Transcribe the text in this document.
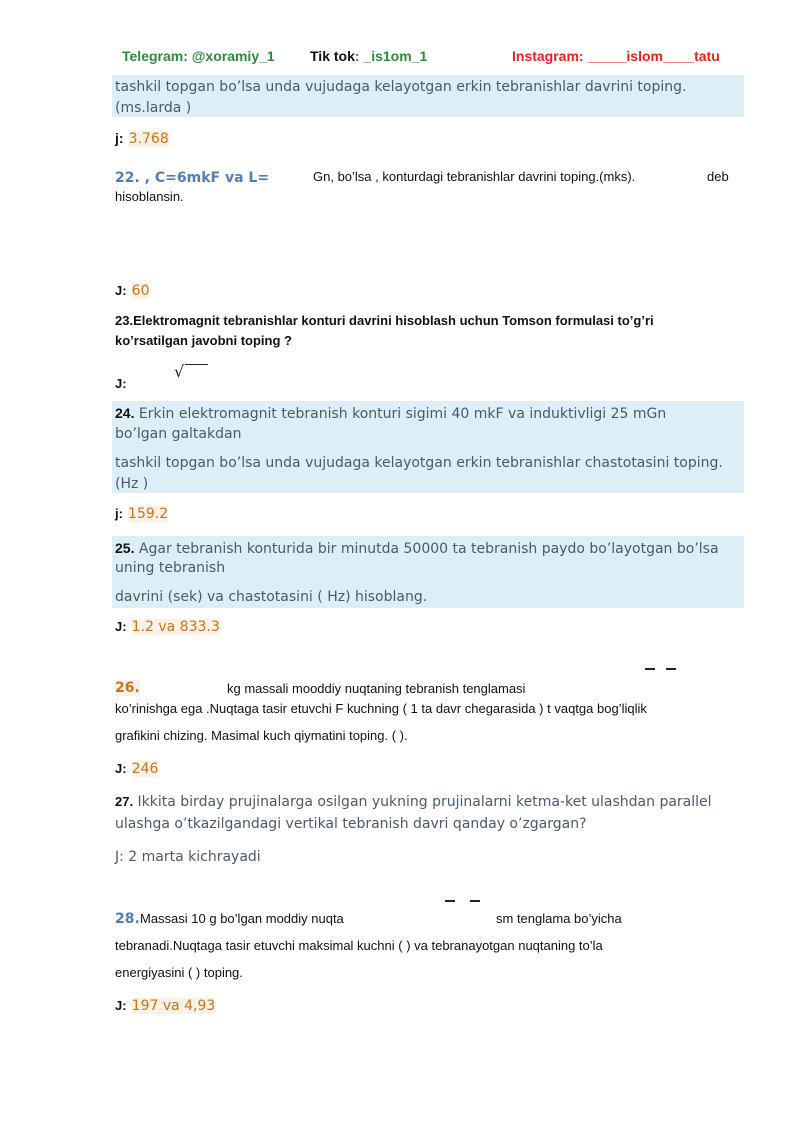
Telegram: @xoramiy_1	Tik tok: _is1om_1	Instagram: _____islom____tatu
tashkil topgan bo’lsa unda vujudaga kelayotgan erkin tebranishlar davrini toping.
(ms.larda )
j: 3.768
22. , C=6mkF va L=	Gn, bo’lsa , konturdagi tebranishlar davrini toping.(mks).	deb
hisoblansin.
J: 60
23.Elektromagnit tebranishlar konturi davrini hisoblash uchun Tomson formulasi to’g’ri
ko’rsatilgan javobni toping ?
J:
√
24. Erkin elektromagnit tebranish konturi sigimi 40 mkF va induktivligi 25 mGn
bo’lgan galtakdan
tashkil topgan bo’lsa unda vujudaga kelayotgan erkin tebranishlar chastotasini toping.
(Hz )
j: 159.2
25. Agar tebranish konturida bir minutda 50000 ta tebranish paydo bo’layotgan bo’lsa
uning tebranish
davrini (sek) va chastotasini ( Hz) hisoblang.
J: 1.2 va 833.3
26.	kg massali mooddiy nuqtaning tebranish tenglamasi
ko’rinishga ega .Nuqtaga tasir etuvchi F kuchning ( 1 ta davr chegarasida ) t vaqtga bog’liqlik
grafikini chizing. Masimal kuch qiymatini toping. ( ).
J: 246
27. Ikkita birday prujinalarga osilgan yukning prujinalarni ketma-ket ulashdan parallel
ulashga o’tkazilgandagi vertikal tebranish davri qanday o’zgargan?
J: 2 marta kichrayadi
28. Massasi 10 g bo’lgan moddiy nuqta	sm tenglama bo’yicha
tebranadi.Nuqtaga tasir etuvchi maksimal kuchni ( ) va tebranayotgan nuqtaning to’la
energiyasini ( ) toping.
J: 197 va 4,93
